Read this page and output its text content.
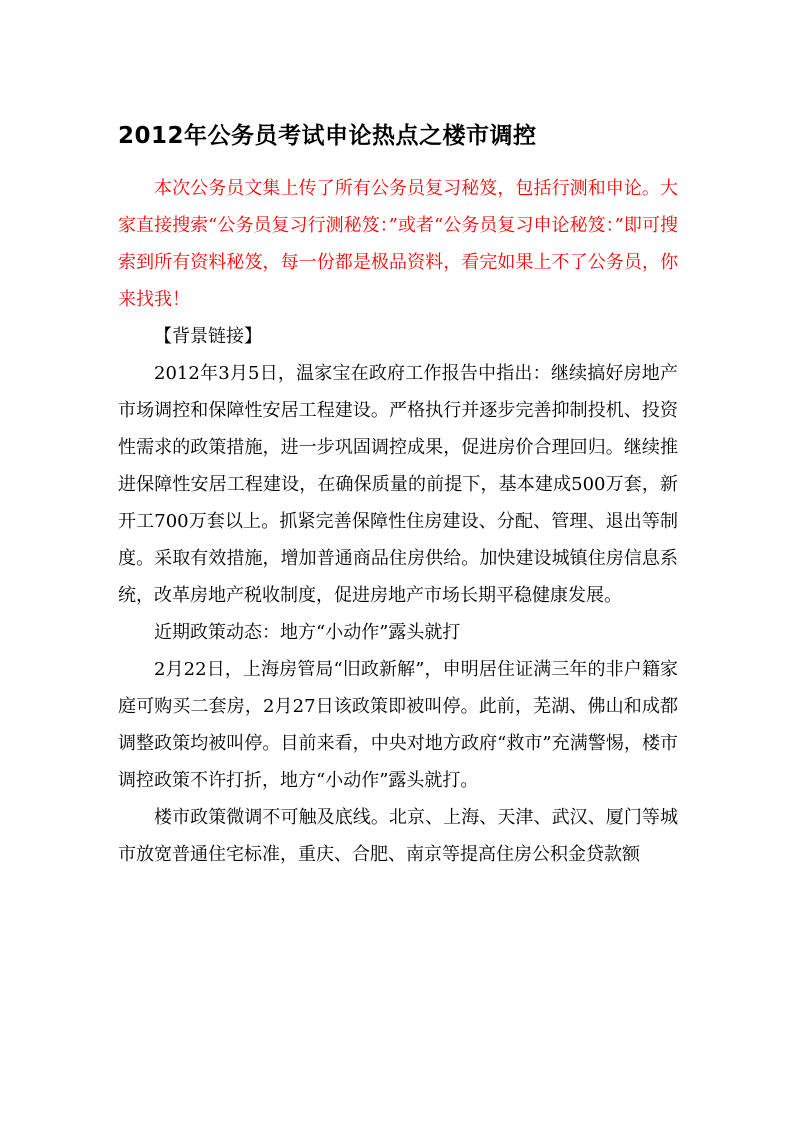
2012年公务员考试申论热点之楼市调控

本次公务员文集上传了所有公务员复习秘笈，包括行测和申论。大家直接搜索“公务员复习行测秘笈：”或者“公务员复习申论秘笈：”即可搜索到所有资料秘笈，每一份都是极品资料，看完如果上不了公务员，你来找我！

【背景链接】

2012年3月5日，温家宝在政府工作报告中指出：继续搞好房地产市场调控和保障性安居工程建设。严格执行并逐步完善抑制投机、投资性需求的政策措施，进一步巩固调控成果，促进房价合理回归。继续推进保障性安居工程建设，在确保质量的前提下，基本建成500万套，新开工700万套以上。抓紧完善保障性住房建设、分配、管理、退出等制度。采取有效措施，增加普通商品住房供给。加快建设城镇住房信息系统，改革房地产税收制度，促进房地产市场长期平稳健康发展。

近期政策动态：地方“小动作”露头就打

2月22日，上海房管局“旧政新解”，申明居住证满三年的非户籍家庭可购买二套房，2月27日该政策即被叫停。此前，芜湖、佛山和成都调整政策均被叫停。目前来看，中央对地方政府“救市”充满警惕，楼市调控政策不许打折，地方“小动作”露头就打。

楼市政策微调不可触及底线。北京、上海、天津、武汉、厦门等城市放宽普通住宅标准，重庆、合肥、南京等提高住房公积金贷款额
